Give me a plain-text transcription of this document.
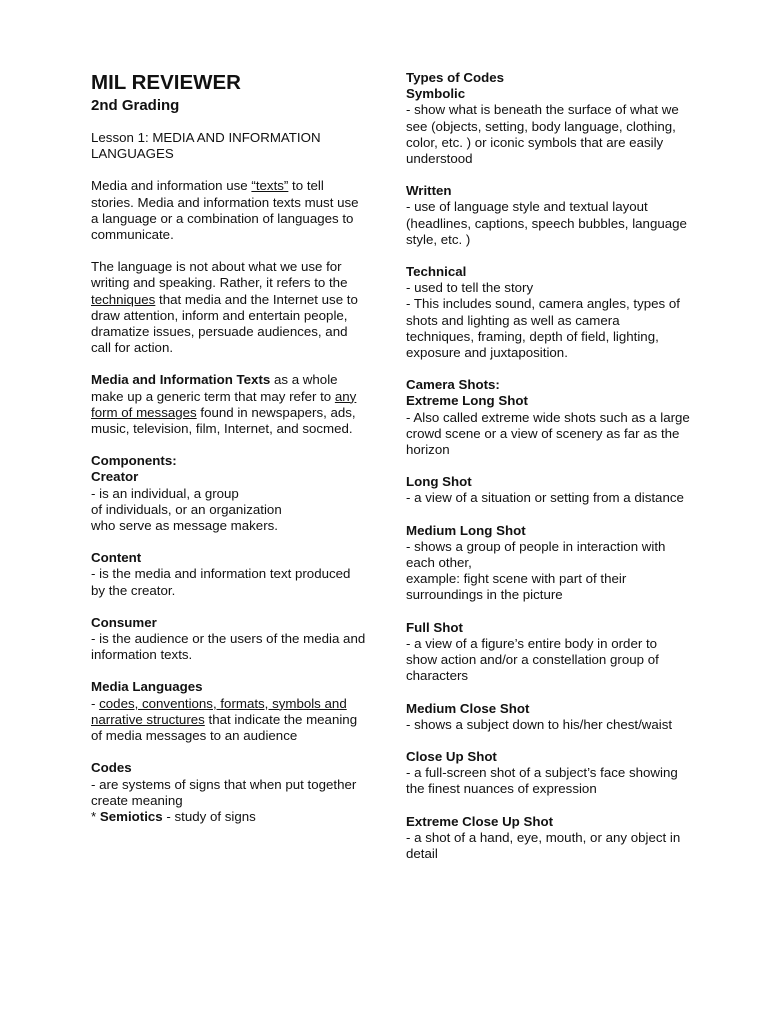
MIL REVIEWER
2nd Grading

Lesson 1: MEDIA AND INFORMATION LANGUAGES

Media and information use “texts” to tell stories. Media and information texts must use a language or a combination of languages to communicate.

The language is not about what we use for writing and speaking. Rather, it refers to the techniques that media and the Internet use to draw attention, inform and entertain people, dramatize issues, persuade audiences, and call for action.

Media and Information Texts as a whole make up a generic term that may refer to any form of messages found in newspapers, ads, music, television, film, Internet, and socmed.

Components:
Creator
- is an individual, a group
of individuals, or an organization

who serve as message makers.

Content

- is the media and information text produced by the creator.

Consumer

- is the audience or the users of the media and information texts.

Media Languages

- codes, conventions, formats, symbols and narrative structures that indicate the meaning of media messages to an audience

Codes
- are systems of signs that when put together create meaning
* Semiotics - study of signs
Types of Codes
Symbolic

- show what is beneath the surface of what we see (objects, setting, body language, clothing, color, etc. ) or iconic symbols that are easily understood

Written

- use of language style and textual layout (headlines, captions, speech bubbles, language style, etc. )

Technical
- used to tell the story

- This includes sound, camera angles, types of shots and lighting as well as camera techniques, framing, depth of field, lighting, exposure and juxtaposition.

Camera Shots:
Extreme Long Shot

- Also called extreme wide shots such as a large crowd scene or a view of scenery as far as the horizon

Long Shot

- a view of a situation or setting from a distance

Medium Long Shot
- shows a group of people in interaction with each other,

example: fight scene with part of their surroundings in the picture

Full Shot

- a view of a figure’s entire body in order to show action and/or a constellation group of characters

Medium Close Shot

- shows a subject down to his/her chest/waist

Close Up Shot

- a full-screen shot of a subject’s face showing the finest nuances of expression

Extreme Close Up Shot

- a shot of a hand, eye, mouth, or any object in detail
